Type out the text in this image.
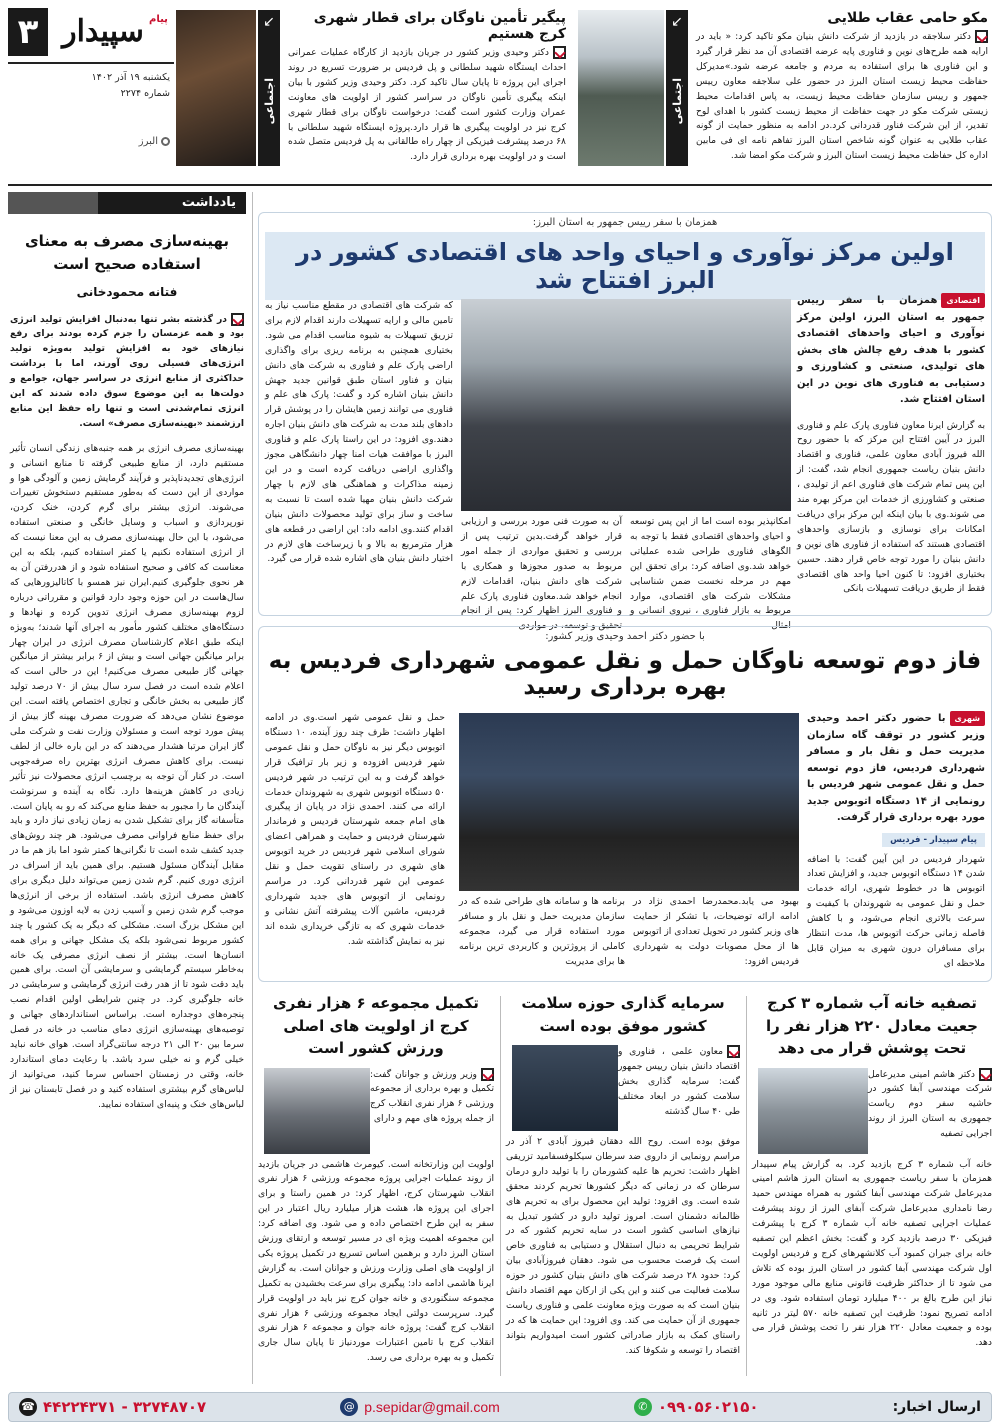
۳	$^{پیام}$ سپیدار
یکشنبه ۱۹ آذر ۱۴۰۲
شماره ۲۲۷۴
البرز
↙
اجتماعی
مکو حامی عقاب طلایی
دکتر سلاجقه در بازدید از شرکت دانش بنیان مکو تاکید کرد: « باید در ارایه همه طرح‌های نوین و فناوری پایه عرضه اقتصادی آن مد نظر قرار گیرد و این فناوری ها برای استفاده به مردم و جامعه عرضه شود.»مدیرکل حفاظت محیط زیست استان البرز در حضور علی سلاجقه معاون رییس جمهور و رییس سازمان حفاظت محیط زیست، به پاس اقدامات محیط زیستی شرکت مکو در جهت حفاظت از محیط زیست کشور با اهدای لوح تقدیر، از این شرکت فناور قدردانی کرد.در ادامه به منظور حمایت از گونه عقاب طلایی به عنوان گونه شاخص استان البرز تفاهم نامه ای فی مابین اداره کل حفاظت محیط زیست استان البرز و شرکت مکو امضا شد.
↙
اجتماعی
پیگیر تأمین ناوگان برای قطار شهری کرج هستیم
دکتر وحیدی وزیر کشور در جریان بازدید از کارگاه عملیات عمرانی احداث ایستگاه شهید سلطانی و پل فردیس بر ضرورت تسریع در روند اجرای این پروژه تا پایان سال تاکید کرد. دکتر وحیدی وزیر کشور با بیان اینکه پیگیری تأمین ناوگان در سراسر کشور از اولویت های معاونت عمران وزارت کشور است گفت: درخواست ناوگان برای قطار شهری کرج نیز در اولویت پیگیری ها قرار دارد.پروژه ایستگاه شهید سلطانی با ۶۸ درصد پیشرفت فیزیکی از چهار راه طالقانی به پل فردیس متصل شده است و در اولویت بهره برداری قرار دارد.
یادداشت
بهینه‌سازی مصرف به معنای استفاده صحیح است
فتانه محمودخانی
در گذشته بشر تنها به‌دنبال افزایش تولید انرژی بود و همه عزمسان را جزم کرده بودند برای رفع نیازهای خود به افزایش تولید به‌ویژه تولید انرژی‌های فسیلی روی آورند، اما با برداشت حداکثری از منابع انرژی در سراسر جهان، جوامع و دولت‌ها به این موضوع سوق داده شدند که این انرژی تمام‌شدنی است و تنها راه حفظ این منابع ارزشمند «بهینه‌سازی مصرف» است.
بهینه‌سازی مصرف انرژی بر همه جنبه‌های زندگی انسان تأثیر مستقیم دارد، از منابع طبیعی گرفته تا منابع انسانی و انرژی‌های تجدیدناپذیر و فرآیند گرمایش زمین و آلودگی هوا و مواردی از این دست که به‌طور مستقیم دستخوش تغییرات می‌شوند. انرژی بیشتر برای گرم کردن، خنک کردن، نورپردازی و اسباب و وسایل خانگی و صنعتی استفاده می‌شود، با این حال بهینه‌سازی مصرف به این معنا نیست که از انرژی استفاده نکنیم یا کمتر استفاده کنیم، بلکه به این معناست که کافی و صحیح استفاده شود و از هدررفتن آن به هر نحوی جلوگیری کنیم.ایران نیز همسو با کاتالیزورهایی که سال‌هاست در این حوزه وجود دارد قوانین و مقرراتی درباره لزوم بهینه‌سازی مصرف انرژی تدوین کرده و نهادها و دستگاه‌های مختلف کشور مأمور به اجرای آنها شدند؛ به‌ویژه اینکه طبق اعلام کارشناسان مصرف انرژی در ایران چهار برابر میانگین جهانی است و بیش از ۶ برابر بیشتر از میانگین جهانی گاز طبیعی مصرف می‌کنیم! این در حالی است که اعلام شده است در فصل سرد سال بیش از ۷۰ درصد تولید گاز طبیعی به بخش خانگی و تجاری اختصاص یافته است. این موضوع نشان می‌دهد که ضرورت مصرف بهینه گاز بیش از پیش مورد توجه است و مسئولان وزارت نفت و شرکت ملی گاز ایران مرتبا هشدار می‌دهند که در این باره خالی از لطف نیست. برای کاهش مصرف انرژی بهترین راه صرفه‌جویی است. در کنار آن توجه به برچسب انرژی محصولات نیز تأثیر زیادی در کاهش هزینه‌ها دارد. نگاه به آینده و سرنوشت آیندگان ما را مجبور به حفظ منابع می‌کند که رو به پایان است. متأسفانه گاز برای تشکیل شدن به زمان زیادی نیاز دارد و باید برای حفظ منابع فراوانی مصرف می‌شود. هر چند روش‌های جدید کشف شده است تا نگرانی‌ها کمتر شود اما باز هم ما در مقابل آیندگان مسئول هستیم. برای همین باید از اسراف در انرژی دوری کنیم. گرم شدن زمین می‌تواند دلیل دیگری برای کاهش مصرف انرژی باشد. استفاده از برخی از انرژی‌ها موجب گرم شدن زمین و آسیب زدن به لایه اوزون می‌شود و این مشکل بزرگ است. مشکلی که دیگر به یک کشور یا چند کشور مربوط نمی‌شود بلکه یک مشکل جهانی و برای همه انسان‌ها است. بیشتر از نصف انرژی مصرفی یک خانه به‌خاطر سیستم گرمایشی و سرمایشی آن است. برای همین باید دقت شود تا از هدر رفت انرژی گرمایشی و سرمایشی در خانه جلوگیری کرد. در چنین شرایطی اولین اقدام نصب پنجره‌های دوجداره است. براساس استانداردهای جهانی و توصیه‌های بهینه‌سازی انرژی دمای مناسب در خانه در فصل سرما بین ۲۰ الی ۲۱ درجه سانتی‌گراد است. هوای خانه نباید خیلی گرم و نه خیلی سرد باشد. با رعایت دمای استاندارد خانه، وقتی در زمستان احساس سرما کنید، می‌توانید از لباس‌های گرم بیشتری استفاده کنید و در فصل تابستان نیز از لباس‌های خنک و پنبه‌ای استفاده نمایید.
همزمان با سفر رییس جمهور به استان البرز:
اولین مرکز نوآوری و احیای واحد های اقتصادی کشور در البرز افتتاح شد
اقتصادیهمزمان با سفر رییس جمهور به استان البرز، اولین مرکز نوآوری و احیای واحدهای اقتصادی کشور با هدف رفع چالش های بخش های تولیدی، صنعتی و کشاورزی و دستیابی به فناوری های نوین در این استان افتتاح شد.
به گزارش ایرنا معاون فناوری پارک علم و فناوری البرز در آیین افتتاح این مرکز که با حضور روح الله فیروز آبادی معاون علمی، فناوری و اقتصاد دانش بنیان ریاست جمهوری انجام شد، گفت: از این پس تمام شرکت های فناوری اعم از تولیدی ، صنعتی و کشاورزی از خدمات این مرکز بهره مند می شوند.وی با بیان اینکه این مرکز برای دریافت امکانات برای نوسازی و بازسازی واحدهای اقتصادی هستند که استفاده از فناوری های نوین و دانش بنیان را مورد توجه خاص قرار دهند. حسین بختیاری افزود: تا کنون احیا واحد های اقتصادی فقط از طریق دریافت تسهیلات بانکی
امکانپذیر بوده است اما از این پس توسعه و احیای واحدهای اقتصادی فقط با توجه به الگوهای فناوری طراحی شده عملیاتی خواهد شد.وی اضافه کرد: برای تحقق این مهم در مرحله نخست ضمن شناسایی مشکلات شرکت های اقتصادی، موارد مربوط به بازار فناوری ، نیروی انسانی و امثال
آن به صورت فنی مورد بررسی و ارزیابی قرار خواهد گرفت.بدین ترتیب پس از بررسی و تحقیق مواردی از جمله امور مربوط به صدور مجوزها و همکاری با شرکت های دانش بنیان، اقدامات لازم انجام خواهد شد.معاون فناوری پارک علم و فناوری البرز اظهار کرد: پس از انجام تحقیق و توسعه، در مواردی
که شرکت های اقتصادی در مقطع مناسب نیاز به تامین مالی و ارایه تسهیلات دارند اقدام لازم برای تزریق تسهیلات به شیوه مناسب اقدام می شود. بختیاری همچنین به برنامه ریزی برای واگذاری اراضی پارک علم و فناوری به شرکت های دانش بنیان و فناور استان طبق قوانین جدید جهش دانش بنیان اشاره کرد و گفت: پارک های علم و فناوری می توانند زمین هایشان را در پوشش قرار دادهای بلند مدت به شرکت های دانش بنیان اجاره دهند.وی افزود: در این راستا پارک علم و فناوری البرز با موافقت هیات امنا چهار دانشگاهی مجوز واگذاری اراضی دریافت کرده است و در این زمینه مذاکرات و هماهنگی های لازم با چهار شرکت دانش بنیان مهیا شده است تا نسبت به ساخت و ساز برای تولید محصولات دانش بنیان اقدام کنند.وی ادامه داد: این اراضی در قطعه های هزار مترمربع به بالا و با زیرساخت های لازم در اختیار دانش بنیان های اشاره شده قرار می گیرد.
با حضور دکتر احمد وحیدی وزیر کشور:
فاز دوم توسعه ناوگان حمل و نقل عمومی شهرداری فردیس به بهره برداری رسید
شهریبا حضور دکتر احمد وحیدی وزیر کشور در توقف گاه سازمان مدیریت حمل و نقل بار و مسافر شهرداری فردیس، فاز دوم توسعه حمل و نقل عمومی شهر فردیس با رونمایی از ۱۴ دستگاه اتوبوس جدید مورد بهره برداری قرار گرفت.
پیام سپیدار - فردیس
شهردار فردیس در این آیین گفت: با اضافه شدن ۱۴ دستگاه اتوبوس جدید، و افزایش تعداد اتوبوس ها در خطوط شهری، ارائه خدمات حمل و نقل عمومی به شهروندان با کیفیت و سرعت بالاتری انجام می‌شود، و با کاهش فاصله زمانی حرکت اتوبوس ها، مدت انتظار برای مسافران درون شهری به میزان قابل ملاحظه ای
بهبود می یابد.محمدرضا احمدی نژاد در ادامه ارائه توضیحات، با تشکر از حمایت های وزیر کشور در تحویل تعدادی از اتوبوس ها از محل مصوبات دولت به شهرداری فردیس افزود:
برنامه ها و سامانه های طراحی شده که در سازمان مدیریت حمل و نقل بار و مسافر مورد استفاده قرار می گیرد، مجموعه کاملی از پروژترین و کاربردی ترین برنامه ها برای مدیریت
حمل و نقل عمومی شهر است.وی در ادامه اظهار داشت: ظرف چند روز آینده، ۱۰ دستگاه اتوبوس دیگر نیز به ناوگان حمل و نقل عمومی شهر فردیس افزوده و زیر بار ترافیک قرار خواهد گرفت و به این ترتیب در شهر فردیس ۵۰ دستگاه اتوبوس شهری به شهروندان خدمات ارائه می کنند. احمدی نژاد در پایان از پیگیری های امام جمعه شهرستان فردیس و فرماندار شهرستان فردیس و حمایت و همراهی اعضای شورای اسلامی شهر فردیس در خرید اتوبوس های شهری در راستای تقویت حمل و نقل عمومی این شهر قدردانی کرد. در مراسم رونمایی از اتوبوس های جدید شهرداری فردیس، ماشین آلات پیشرفته آتش نشانی و خدمات شهری که به تازگی خریداری شده اند نیز به نمایش گذاشته شد.
تصفیه خانه آب شماره ۳ کرج جعیت معادل ۲۲۰ هزار نفر را تحت پوشش قرار می دهد
دکتر هاشم امینی مدیرعامل شرکت مهندسی آبفا کشور در حاشیه سفر دوم ریاست جمهوری به استان البرز از روند اجرایی تصفیه
خانه آب شماره ۳ کرج بازدید کرد. به گزارش پیام سپیدار همزمان با سفر ریاست جمهوری به استان البرز هاشم امینی مدیرعامل شرکت مهندسی آبفا کشور به همراه مهندس حمید رضا نامداری مدیرعامل شرکت آبفای البرز از روند پیشرفت عملیات اجرایی تصفیه خانه آب شماره ۳ کرج با پیشرفت فیزیکی ۳۰ درصد بازدید کرد و گفت: بخش اعظم این تصفیه خانه برای جبران کمبود آب کلانشهرهای کرج و فردیس اولویت اول شرکت مهندسی آبفا کشور در استان البرز بوده که تلاش می شود تا از حداکثر ظرفیت قانونی منابع مالی موجود مورد نیاز این طرح بالغ بر ۴۰۰ میلیارد تومان استفاده شود. وی در ادامه تصریح نمود: ظرفیت این تصفیه خانه ۵۷۰ لیتر در ثانیه بوده و جمعیت معادل ۲۲۰ هزار نفر را تحت پوشش قرار می دهد.
سرمایه گذاری حوزه سلامت کشور موفق بوده است
معاون علمی ، فناوری و اقتصاد دانش بنیان رییس جمهور گفت: سرمایه گذاری بخش سلامت کشور در ابعاد مختلف طی ۴۰ سال گذشته
موفق بوده است. روح الله دهقان فیروز آبادی ۲ آذر در مراسم رونمایی از داروی ضد سرطان سیکلوفسفامید تزریقی اظهار داشت: تحریم ها علیه کشورمان را با تولید دارو درمان سرطان که در زمانی که دیگر کشورها تحریم کردند محقق شده است. وی افزود: تولید این محصول برای به تحریم های ظالمانه دشمنان است. امروز تولید دارو در کشور تبدیل به نیازهای اساسی کشور است در سایه تحریم کشور که در شرایط تحریمی به دنبال استقلال و دستیابی به فناوری خاص است یک فرصت محسوب می شود. دهقان فیروزآبادی بیان کرد: حدود ۲۸ درصد شرکت های دانش بنیان کشور در حوزه سلامت فعالیت می کنند و این یکی از ارکان مهم اقتصاد دانش بنیان است که به صورت ویژه معاونت علمی و فناوری ریاست جمهوری از آن حمایت می کند. وی افزود: این حمایت ها که در راستای کمک به بازار صادراتی کشور است امیدواریم بتواند اقتصاد را توسعه و شکوفا کند.
تکمیل مجموعه ۶ هزار نفری کرج از اولویت های اصلی ورزش کشور است
وزیر ورزش و جوانان گفت: تکمیل و بهره برداری از مجموعه ورزشی ۶ هزار نفری انقلاب کرج از جمله پروژه های مهم و دارای
اولویت این وزارتخانه است. کیومرث هاشمی در جریان بازدید از روند عملیات اجرایی پروژه مجموعه ورزشی ۶ هزار نفری انقلاب شهرستان کرج، اظهار کرد: در همین راستا و برای اجرای این پروژه ها، هشت هزار میلیارد ریال اعتبار در این سفر به این طرح اختصاص داده و می شود. وی اضافه کرد: این مجموعه اهمیت ویژه ای در مسیر توسعه و ارتقای ورزش استان البرز دارد و برهمین اساس تسریع در تکمیل پروژه یکی از اولویت های اصلی وزارت ورزش و جوانان است. به گزارش ایرنا هاشمی ادامه داد: پیگیری برای سرعت بخشیدن به تکمیل مجموعه سنگنوردی و خانه جوان کرج نیز باید در اولویت قرار گیرد. سرپرست دولتی ایجاد مجموعه ورزشی ۶ هزار نفری انقلاب کرج گفت: پروژه خانه جوان و مجموعه ۶ هزار نفری انقلاب کرج با تامین اعتبارات موردنیاز تا پایان سال جاری تکمیل و به بهره برداری می رسد.
ارسال اخبار:
۰۹۹۰۵۶۰۲۱۵۰
✆
p.sepidar@gmail.com
@
۳۲۷۴۸۷۰۷ - ۴۴۲۲۴۳۷۱
☎
